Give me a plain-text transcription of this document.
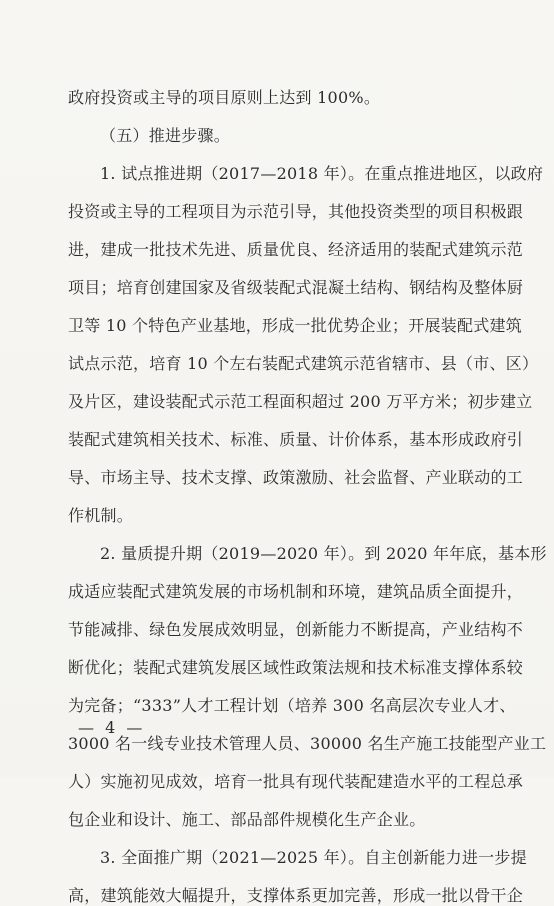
政府投资或主导的项目原则上达到 100%。

（五）推进步骤。

1. 试点推进期（2017—2018 年）。在重点推进地区，以政府

投资或主导的工程项目为示范引导，其他投资类型的项目积极跟

进，建成一批技术先进、质量优良、经济适用的装配式建筑示范

项目；培育创建国家及省级装配式混凝土结构、钢结构及整体厨

卫等 10 个特色产业基地，形成一批优势企业；开展装配式建筑

试点示范，培育 10 个左右装配式建筑示范省辖市、县（市、区）

及片区，建设装配式示范工程面积超过 200 万平方米；初步建立

装配式建筑相关技术、标准、质量、计价体系，基本形成政府引

导、市场主导、技术支撑、政策激励、社会监督、产业联动的工

作机制。

2. 量质提升期（2019—2020 年）。到 2020 年年底，基本形

成适应装配式建筑发展的市场机制和环境，建筑品质全面提升，

节能减排、绿色发展成效明显，创新能力不断提高，产业结构不

断优化；装配式建筑发展区域性政策法规和技术标准支撑体系较

为完备；“333”人才工程计划（培养 300 名高层次专业人才、

3000 名一线专业技术管理人员、30000 名生产施工技能型产业工

人）实施初见成效，培育一批具有现代装配建造水平的工程总承

包企业和设计、施工、部品部件规模化生产企业。

3. 全面推广期（2021—2025 年）。自主创新能力进一步提

高，建筑能效大幅提升，支撑体系更加完善，形成一批以骨干企

— 4 —
